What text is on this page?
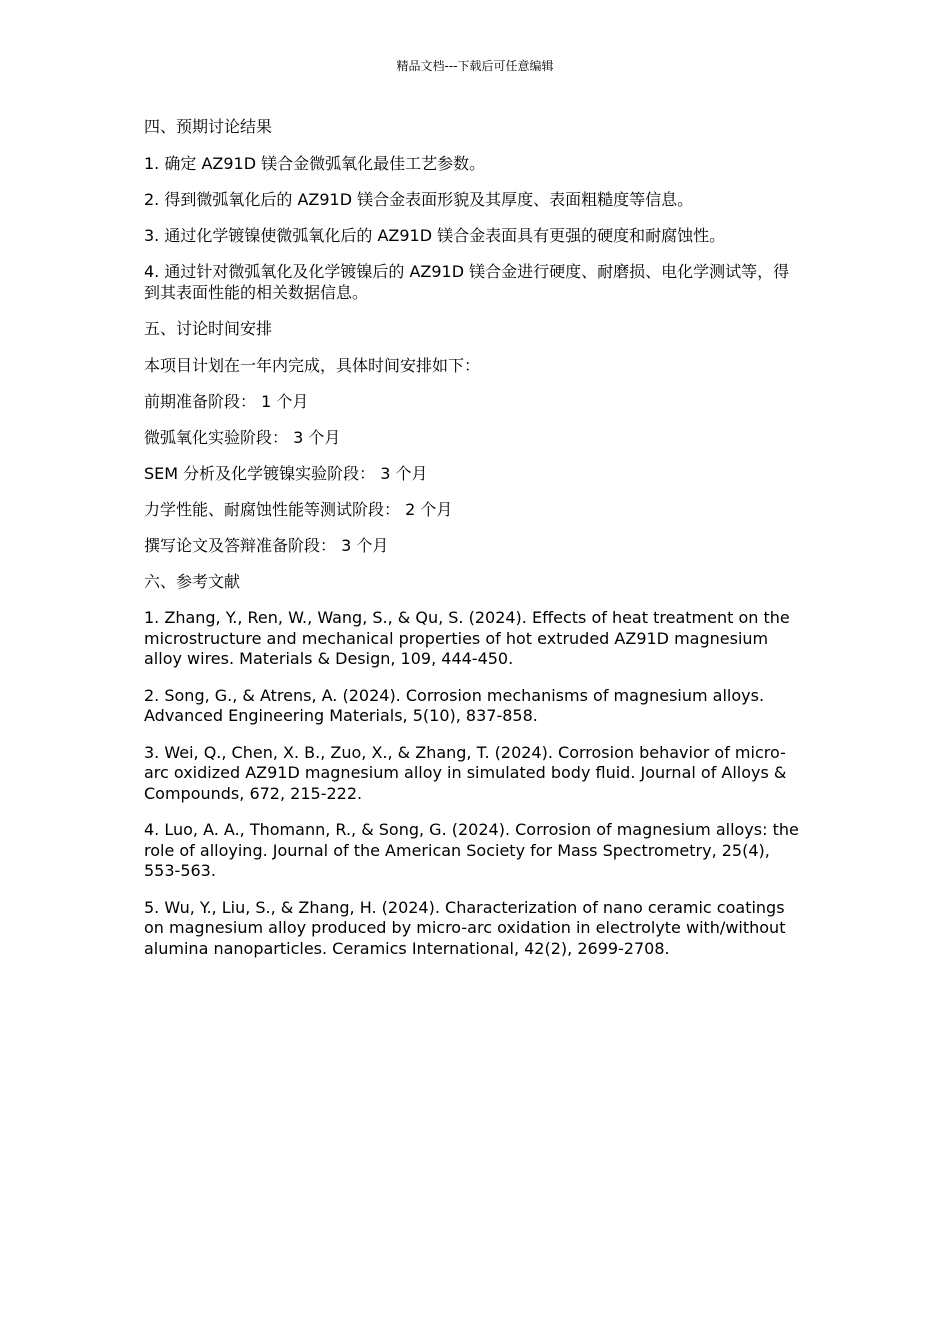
精品文档---下载后可任意编辑

四、预期讨论结果

1. 确定 AZ91D 镁合金微弧氧化最佳工艺参数。

2. 得到微弧氧化后的 AZ91D 镁合金表面形貌及其厚度、表面粗糙度等信息。

3. 通过化学镀镍使微弧氧化后的 AZ91D 镁合金表面具有更强的硬度和耐腐蚀性。

4. 通过针对微弧氧化及化学镀镍后的 AZ91D 镁合金进行硬度、耐磨损、电化学测试等，得到其表面性能的相关数据信息。

五、讨论时间安排

本项目计划在一年内完成，具体时间安排如下：

前期准备阶段： 1 个月

微弧氧化实验阶段： 3 个月

SEM 分析及化学镀镍实验阶段： 3 个月

力学性能、耐腐蚀性能等测试阶段： 2 个月

撰写论文及答辩准备阶段： 3 个月

六、参考文献

1. Zhang, Y., Ren, W., Wang, S., & Qu, S. (2024). Effects of heat treatment on the microstructure and mechanical properties of hot extruded AZ91D magnesium alloy wires. Materials & Design, 109, 444-450.

2. Song, G., & Atrens, A. (2024). Corrosion mechanisms of magnesium alloys. Advanced Engineering Materials, 5(10), 837-858.

3. Wei, Q., Chen, X. B., Zuo, X., & Zhang, T. (2024). Corrosion behavior of micro-arc oxidized AZ91D magnesium alloy in simulated body fluid. Journal of Alloys & Compounds, 672, 215-222.

4. Luo, A. A., Thomann, R., & Song, G. (2024). Corrosion of magnesium alloys: the role of alloying. Journal of the American Society for Mass Spectrometry, 25(4), 553-563.

5. Wu, Y., Liu, S., & Zhang, H. (2024). Characterization of nano ceramic coatings on magnesium alloy produced by micro-arc oxidation in electrolyte with/without alumina nanoparticles. Ceramics International, 42(2), 2699-2708.
